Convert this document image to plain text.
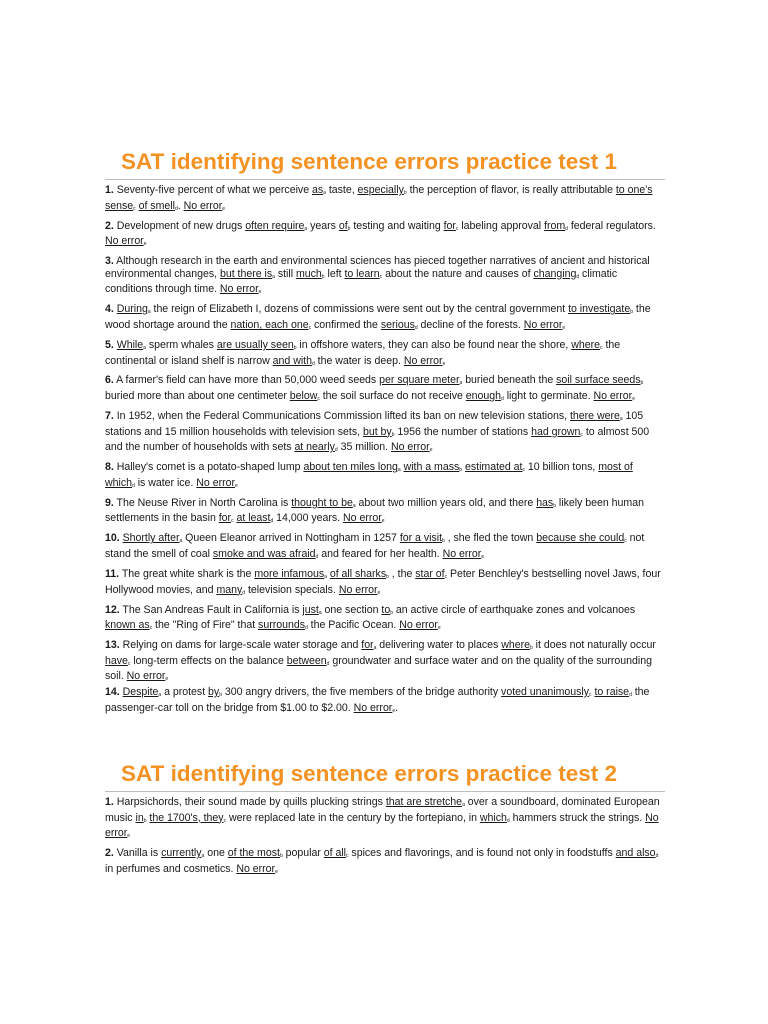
SAT identifying sentence errors practice test 1

1. Seventy-five percent of what we perceive asa taste, especiallyb the perception of flavor, is really attributable to one's sensec of smelld. No errore

2. Development of new drugs often requirea years ofb testing and waiting forc labeling approval fromd federal regulators. No errore

3. Although research in the earth and environmental sciences has pieced together narratives of ancient and historical environmental changes, but there isa still muchb left to learnc about the nature and causes of changingd climatic conditions through time. No errore

4. Duringa the reign of Elizabeth I, dozens of commissions were sent out by the central government to investigateb the wood shortage around the nation, each onec confirmed the seriousd decline of the forests. No errore

5. Whilea sperm whales are usually seenb in offshore waters, they can also be found near the shore, wherec the continental or island shelf is narrow and withd the water is deep. No errore

6. A farmer's field can have more than 50,000 weed seeds per square metera buried beneath the soil surface seedsb buried more than about one centimeter belowc the soil surface do not receive enoughd light to germinate. No errore

7. In 1952, when the Federal Communications Commission lifted its ban on new television stations, there werea 105 stations and 15 million households with television sets, but byb 1956 the number of stations had grownc to almost 500 and the number of households with sets at nearlyd 35 million. No errore

8. Halley's comet is a potato-shaped lump about ten miles longa with a massb estimated atc 10 billion tons, most of whichd is water ice. No errore

9. The Neuse River in North Carolina is thought to bea about two million years old, and there hasb likely been human settlements in the basin forc at leastd 14,000 years. No errore

10. Shortly aftera Queen Eleanor arrived in Nottingham in 1257 for a visitb , she fled the town because she couldc not stand the smell of coal smoke and was afraidd and feared for her health. No errore

11. The great white shark is the more infamousa of all sharksb , the star ofc Peter Benchley's bestselling novel Jaws, four Hollywood movies, and manyd television specials. No errore

12. The San Andreas Fault in California is justa one section tob an active circle of earthquake zones and volcanoes known asc the "Ring of Fire" that surroundsd the Pacific Ocean. No errore

13. Relying on dams for large-scale water storage and fora delivering water to places whereb it does not naturally occur havec long-term effects on the balance betweend groundwater and surface water and on the quality of the surrounding soil. No errore

14. Despitea a protest byb 300 angry drivers, the five members of the bridge authority voted unanimouslyc to raised the passenger-car toll on the bridge from $1.00 to $2.00. No errore.

SAT identifying sentence errors practice test 2

1. Harpsichords, their sound made by quills plucking strings that are stretchea over a soundboard, dominated European music inb the 1700's, theyc were replaced late in the century by the fortepiano, in whichd hammers struck the strings. No errore

2. Vanilla is currentlya one of the mostb popular of allc spices and flavorings, and is found not only in foodstuffs and alsod in perfumes and cosmetics. No errore
